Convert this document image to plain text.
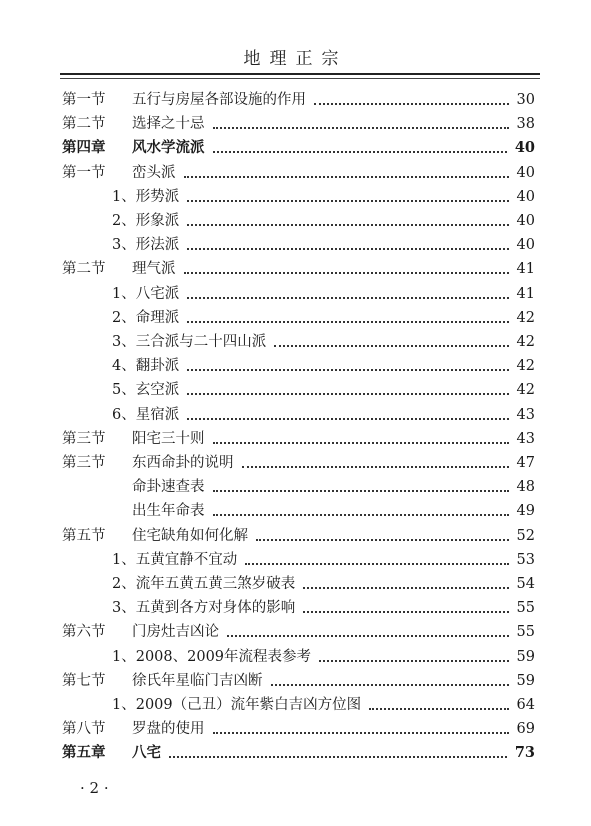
地理正宗
第一节	五行与房屋各部设施的作用	30
第二节	选择之十忌	38
第四章	风水学流派	40
第一节	峦头派	40
1、形势派	40
2、形象派	40
3、形法派	40
第二节	理气派	41
1、八宅派	41
2、命理派	42
3、三合派与二十四山派	42
4、翻卦派	42
5、玄空派	42
6、星宿派	43
第三节	阳宅三十则	43
第三节	东西命卦的说明	47
命卦速查表	48
出生年命表	49
第五节	住宅缺角如何化解	52
1、五黄宜静不宜动	53
2、流年五黄五黄三煞岁破表	54
3、五黄到各方对身体的影响	55
第六节	门房灶吉凶论	55
1、2008、2009年流程表参考	59
第七节	徐氏年星临门吉凶断	59
1、2009（己丑）流年紫白吉凶方位图	64
第八节	罗盘的使用	69
第五章	八宅	73
· 2 ·
